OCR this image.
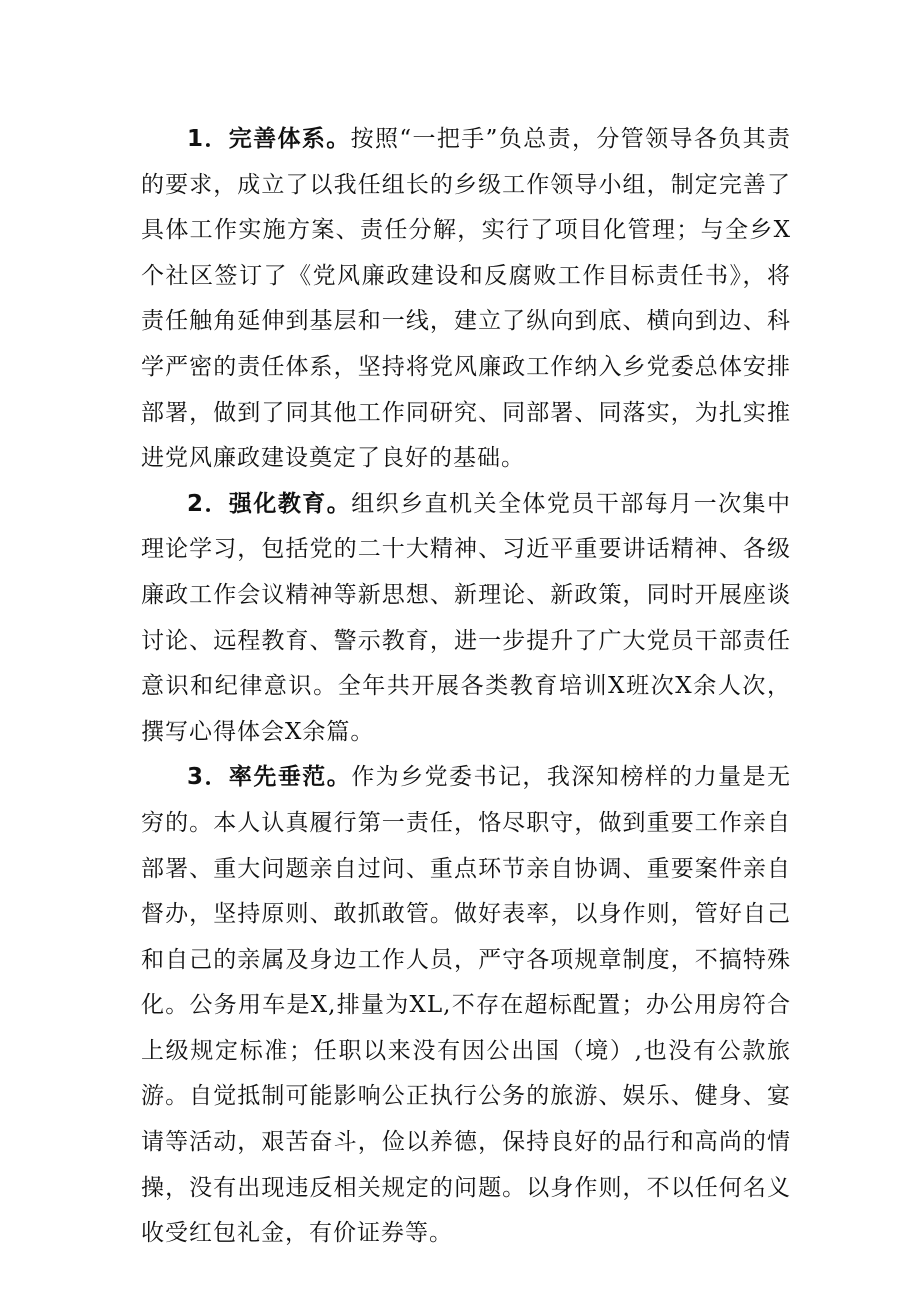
1．完善体系。按照“一把手”负总责，分管领导各负其责的要求，成立了以我任组长的乡级工作领导小组，制定完善了具体工作实施方案、责任分解，实行了项目化管理；与全乡X个社区签订了《党风廉政建设和反腐败工作目标责任书》，将责任触角延伸到基层和一线，建立了纵向到底、横向到边、科学严密的责任体系，坚持将党风廉政工作纳入乡党委总体安排部署，做到了同其他工作同研究、同部署、同落实，为扎实推进党风廉政建设奠定了良好的基础。

2．强化教育。组织乡直机关全体党员干部每月一次集中理论学习，包括党的二十大精神、习近平重要讲话精神、各级廉政工作会议精神等新思想、新理论、新政策，同时开展座谈讨论、远程教育、警示教育，进一步提升了广大党员干部责任意识和纪律意识。全年共开展各类教育培训X班次X余人次，撰写心得体会X余篇。

3．率先垂范。作为乡党委书记，我深知榜样的力量是无穷的。本人认真履行第一责任，恪尽职守，做到重要工作亲自部署、重大问题亲自过问、重点环节亲自协调、重要案件亲自督办，坚持原则、敢抓敢管。做好表率，以身作则，管好自己和自己的亲属及身边工作人员，严守各项规章制度，不搞特殊化。公务用车是X,排量为XL,不存在超标配置；办公用房符合上级规定标准；任职以来没有因公出国（境）,也没有公款旅游。自觉抵制可能影响公正执行公务的旅游、娱乐、健身、宴请等活动，艰苦奋斗，俭以养德，保持良好的品行和高尚的情操，没有出现违反相关规定的问题。以身作则，不以任何名义收受红包礼金，有价证券等。
